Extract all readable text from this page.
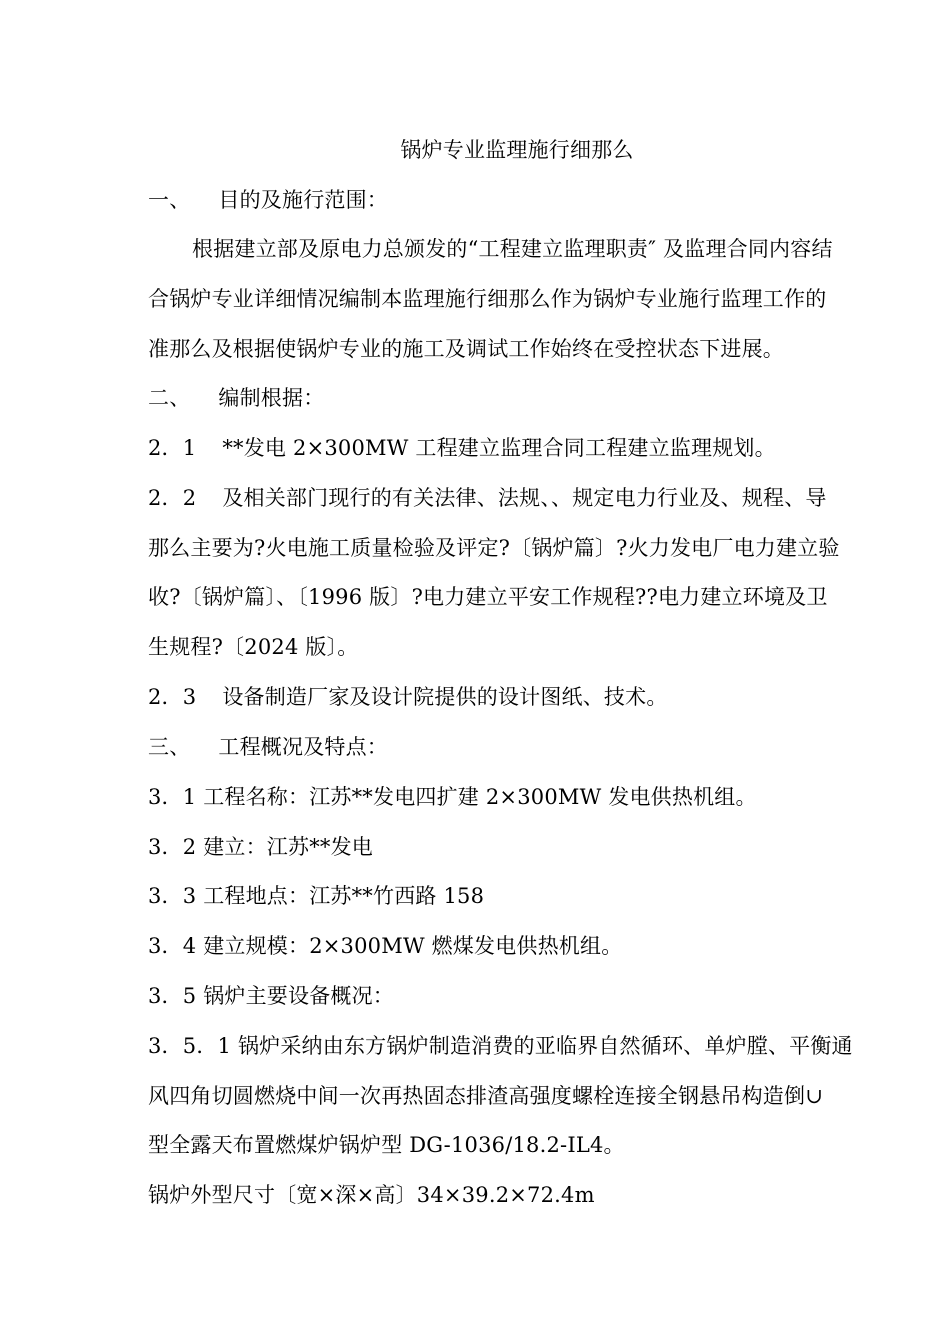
锅炉专业监理施行细那么
一、 目的及施行范围：
根据建立部及原电力总颁发的“工程建立监理职责″ 及监理合同内容结
合锅炉专业详细情况编制本监理施行细那么作为锅炉专业施行监理工作的
准那么及根据使锅炉专业的施工及调试工作始终在受控状态下进展。
二、 编制根据：
2．1 **发电 2×300MW 工程建立监理合同工程建立监理规划。
2．2 及相关部门现行的有关法律、法规、、规定电力行业及、规程、导
那么主要为?火电施工质量检验及评定?〔锅炉篇〕?火力发电厂电力建立验
收?〔锅炉篇〕、〔1996 版〕?电力建立平安工作规程??电力建立环境及卫
生规程?〔2024 版〕。
2．3 设备制造厂家及设计院提供的设计图纸、技术。
三、 工程概况及特点：
3．1 工程名称：江苏**发电四扩建 2×300MW 发电供热机组。
3．2 建立：江苏**发电
3．3 工程地点：江苏**竹西路 158
3．4 建立规模：2×300MW 燃煤发电供热机组。
3．5 锅炉主要设备概况：
3．5．1 锅炉采纳由东方锅炉制造消费的亚临界自然循环、单炉膛、平衡通
风四角切圆燃烧中间一次再热固态排渣高强度螺栓连接全钢悬吊构造倒∪
型全露天布置燃煤炉锅炉型 DG-1036/18.2-IL4。
锅炉外型尺寸〔宽×深×高〕34×39.2×72.4m
